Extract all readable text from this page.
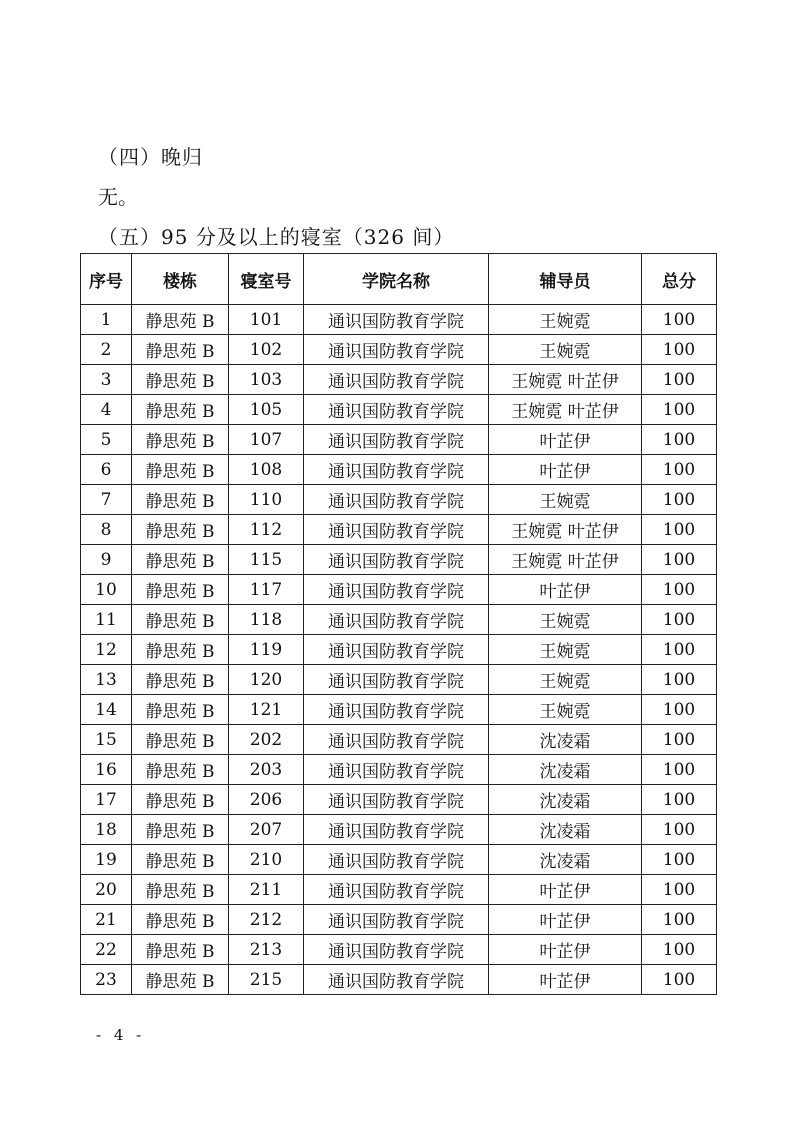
（四）晚归
无。
（五）95 分及以上的寝室（326 间）
序号	楼栋	寝室号	学院名称	辅导员	总分
1	静思苑 B	101	通识国防教育学院	王婉霓	100
2	静思苑 B	102	通识国防教育学院	王婉霓	100
3	静思苑 B	103	通识国防教育学院	王婉霓 叶芷伊	100
4	静思苑 B	105	通识国防教育学院	王婉霓 叶芷伊	100
5	静思苑 B	107	通识国防教育学院	叶芷伊	100
6	静思苑 B	108	通识国防教育学院	叶芷伊	100
7	静思苑 B	110	通识国防教育学院	王婉霓	100
8	静思苑 B	112	通识国防教育学院	王婉霓 叶芷伊	100
9	静思苑 B	115	通识国防教育学院	王婉霓 叶芷伊	100
10	静思苑 B	117	通识国防教育学院	叶芷伊	100
11	静思苑 B	118	通识国防教育学院	王婉霓	100
12	静思苑 B	119	通识国防教育学院	王婉霓	100
13	静思苑 B	120	通识国防教育学院	王婉霓	100
14	静思苑 B	121	通识国防教育学院	王婉霓	100
15	静思苑 B	202	通识国防教育学院	沈凌霜	100
16	静思苑 B	203	通识国防教育学院	沈凌霜	100
17	静思苑 B	206	通识国防教育学院	沈凌霜	100
18	静思苑 B	207	通识国防教育学院	沈凌霜	100
19	静思苑 B	210	通识国防教育学院	沈凌霜	100
20	静思苑 B	211	通识国防教育学院	叶芷伊	100
21	静思苑 B	212	通识国防教育学院	叶芷伊	100
22	静思苑 B	213	通识国防教育学院	叶芷伊	100
23	静思苑 B	215	通识国防教育学院	叶芷伊	100
- 4 -
